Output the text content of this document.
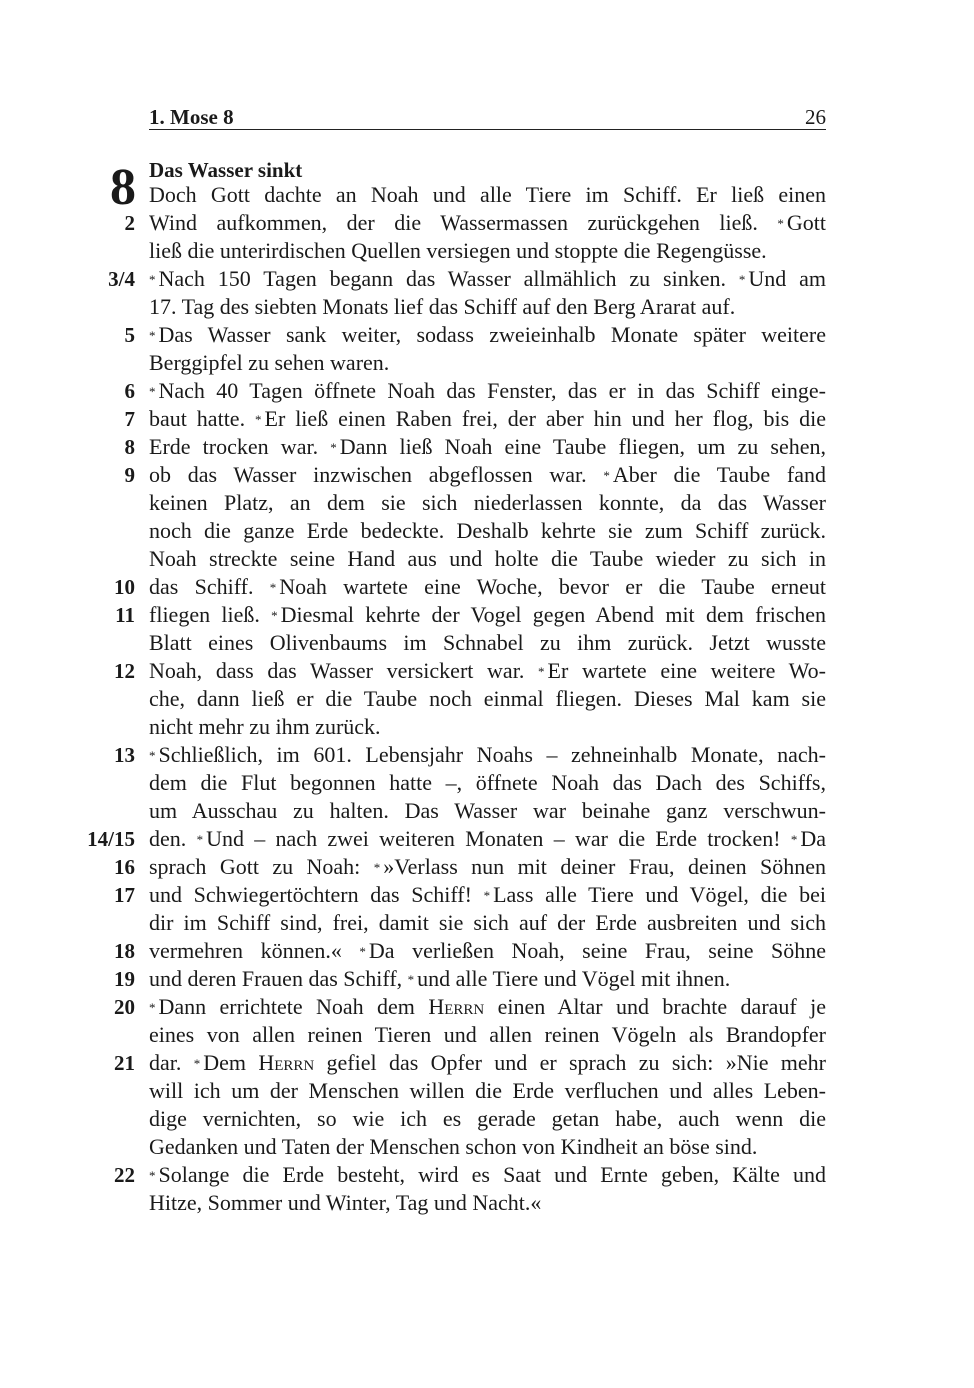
1. Mose 8	26
8 Das Wasser sinkt
2
3/4
5
6
7
8
9
10
11
12
13
14/15
16
17
18
19
20
21
22
Doch Gott dachte an Noah und alle Tiere im Schiff. Er ließ einen
Wind aufkommen, der die Wassermassen zurückgehen ließ. * Gott
ließ die unterirdischen Quellen versiegen und stoppte die Regengüsse.
* Nach 150 Tagen begann das Wasser allmählich zu sinken. * Und am
17. Tag des siebten Monats lief das Schiff auf den Berg Ararat auf.
* Das Wasser sank weiter, sodass zweieinhalb Monate später weitere
Berggipfel zu sehen waren.
* Nach 40 Tagen öffnete Noah das Fenster, das er in das Schiff einge-
baut hatte. * Er ließ einen Raben frei, der aber hin und her flog, bis die
Erde trocken war. * Dann ließ Noah eine Taube fliegen, um zu sehen,
ob das Wasser inzwischen abgeflossen war. * Aber die Taube fand
keinen Platz, an dem sie sich niederlassen konnte, da das Wasser
noch die ganze Erde bedeckte. Deshalb kehrte sie zum Schiff zurück.
Noah streckte seine Hand aus und holte die Taube wieder zu sich in
das Schiff. * Noah wartete eine Woche, bevor er die Taube erneut
fliegen ließ. * Diesmal kehrte der Vogel gegen Abend mit dem frischen
Blatt eines Olivenbaums im Schnabel zu ihm zurück. Jetzt wusste
Noah, dass das Wasser versickert war. * Er wartete eine weitere Wo-
che, dann ließ er die Taube noch einmal fliegen. Dieses Mal kam sie
nicht mehr zu ihm zurück.
* Schließlich, im 601. Lebensjahr Noahs – zehneinhalb Monate, nach-
dem die Flut begonnen hatte –, öffnete Noah das Dach des Schiffs,
um Ausschau zu halten. Das Wasser war beinahe ganz verschwun-
den. * Und – nach zwei weiteren Monaten – war die Erde trocken! * Da
sprach Gott zu Noah: * »Verlass nun mit deiner Frau, deinen Söhnen
und Schwiegertöchtern das Schiff! * Lass alle Tiere und Vögel, die bei
dir im Schiff sind, frei, damit sie sich auf der Erde ausbreiten und sich
vermehren können.« * Da verließen Noah, seine Frau, seine Söhne
und deren Frauen das Schiff, * und alle Tiere und Vögel mit ihnen.
* Dann errichtete Noah dem Herrn einen Altar und brachte darauf je
eines von allen reinen Tieren und allen reinen Vögeln als Brandopfer
dar. * Dem Herrn gefiel das Opfer und er sprach zu sich: »Nie mehr
will ich um der Menschen willen die Erde verfluchen und alles Leben-
dige vernichten, so wie ich es gerade getan habe, auch wenn die
Gedanken und Taten der Menschen schon von Kindheit an böse sind.
* Solange die Erde besteht, wird es Saat und Ernte geben, Kälte und
Hitze, Sommer und Winter, Tag und Nacht.«
